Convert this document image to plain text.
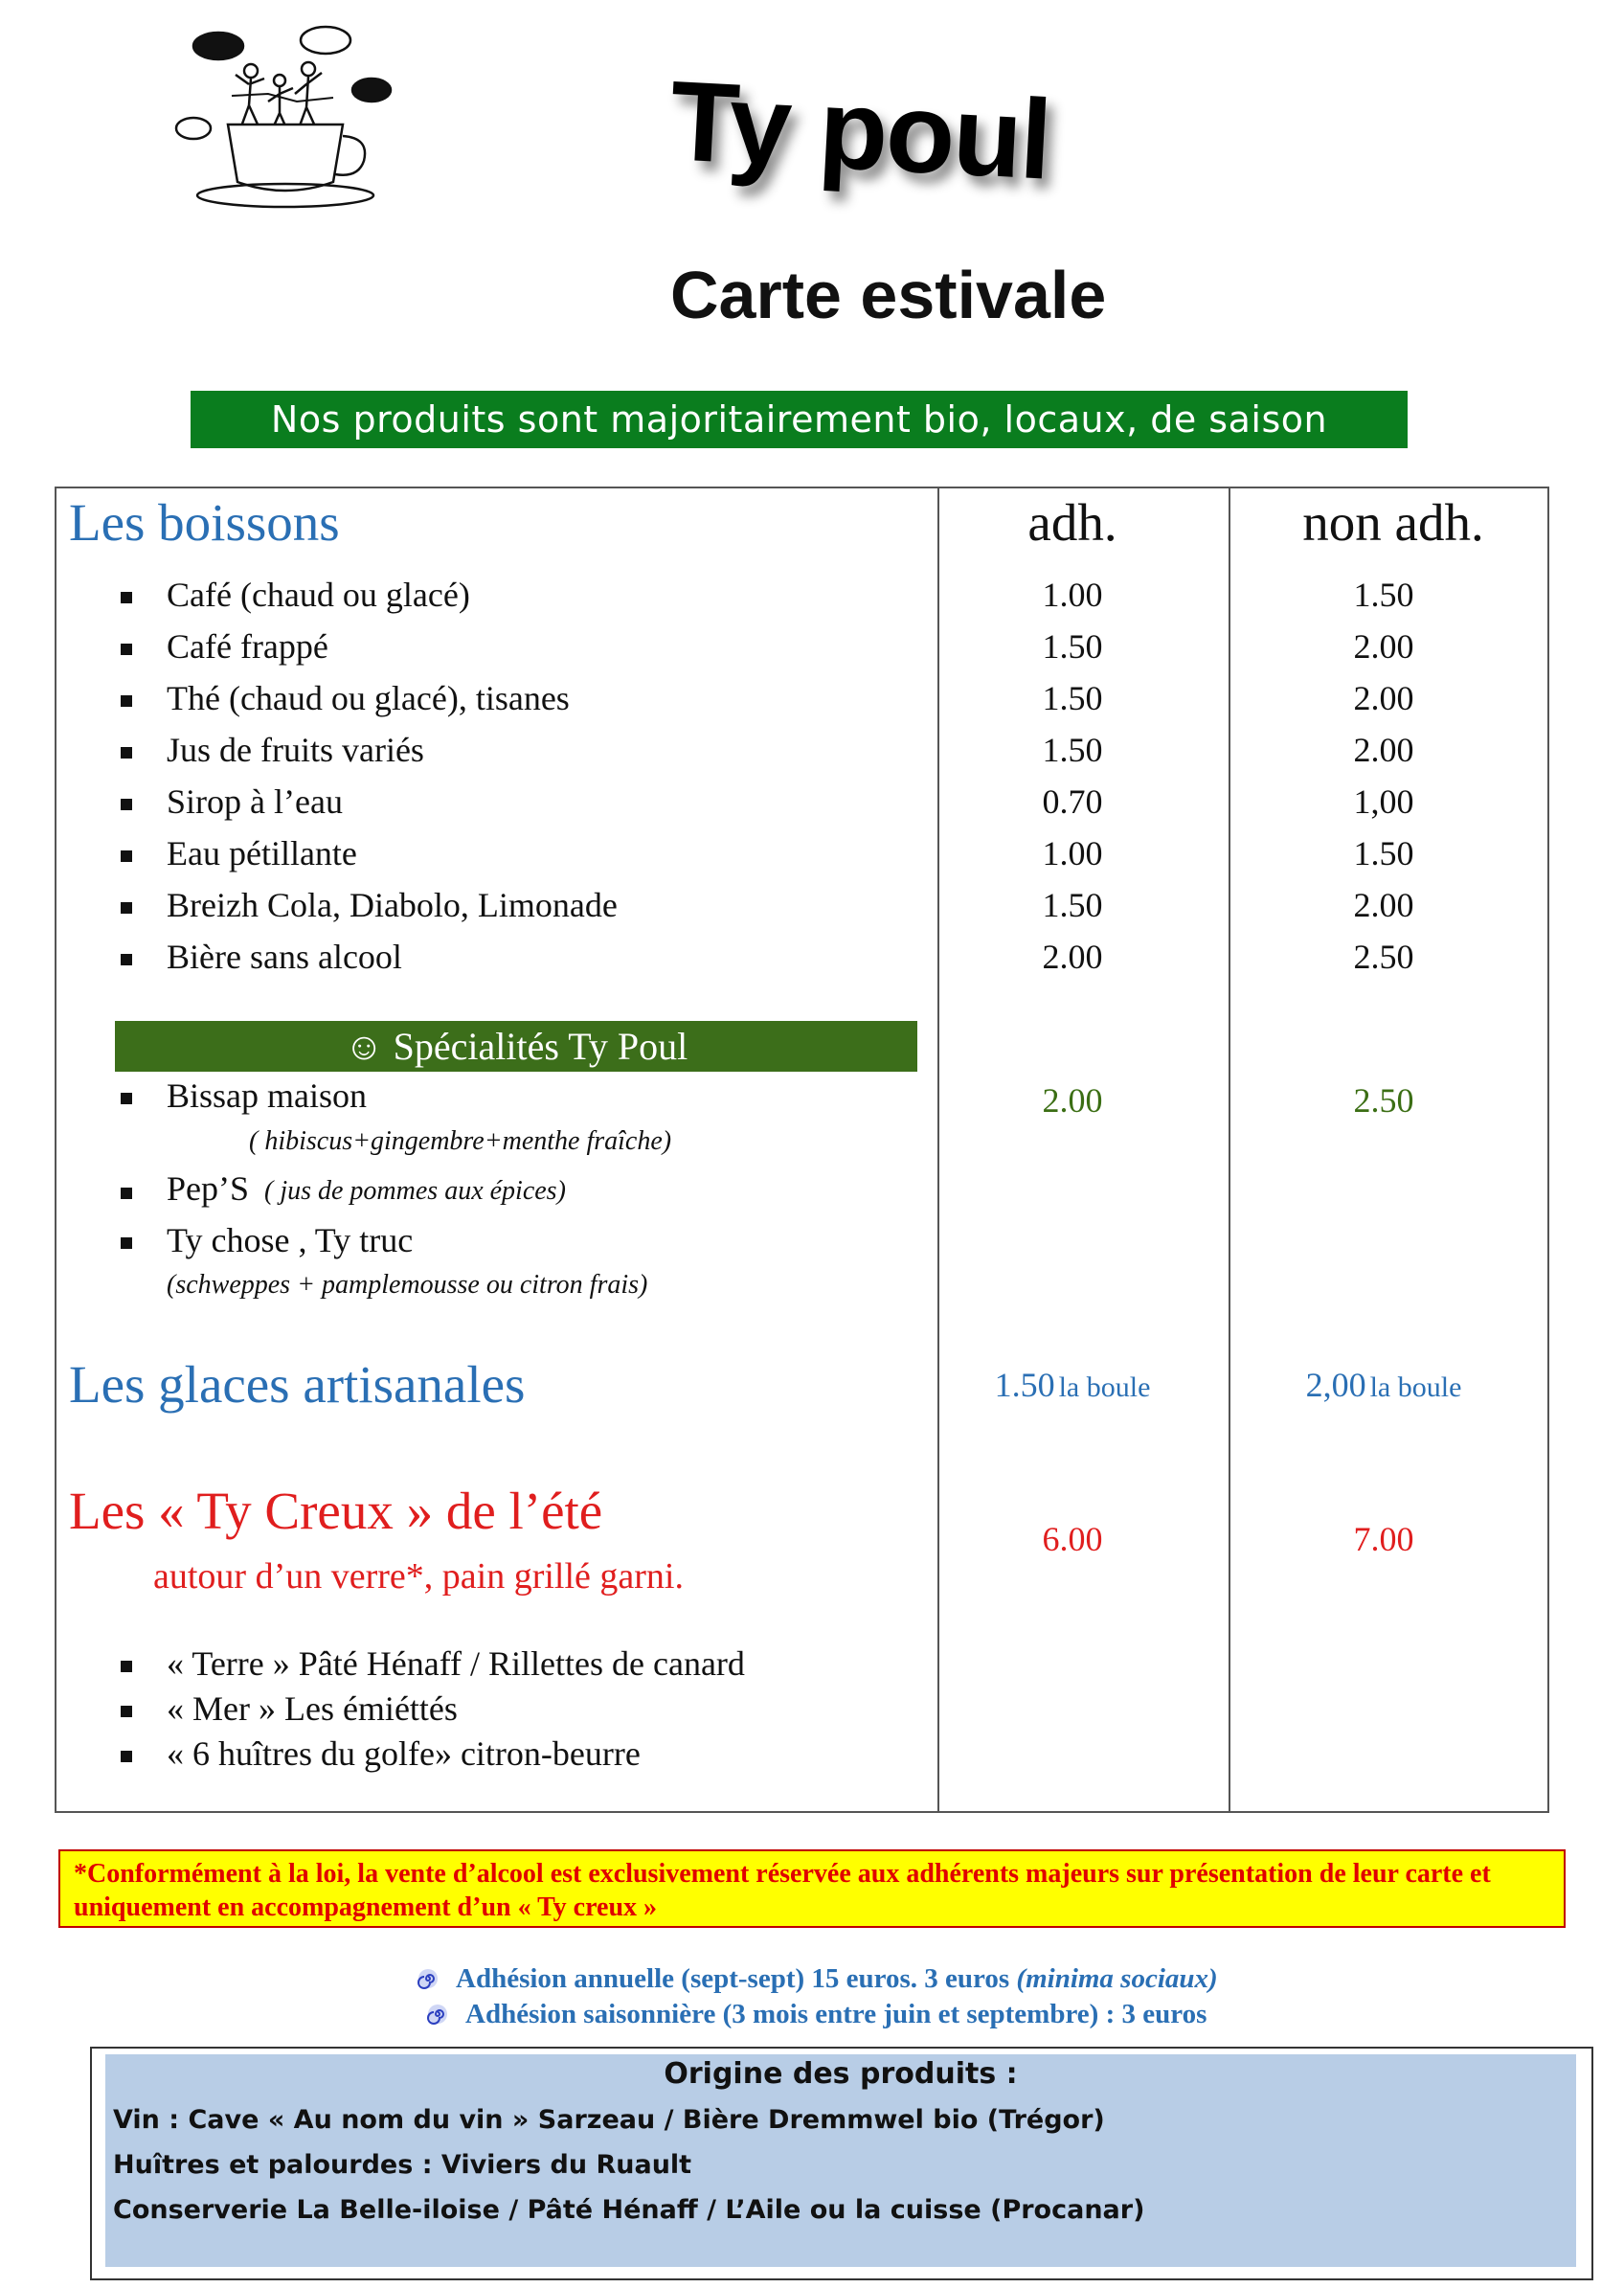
Ty poul
Carte estivale
Nos produits sont majoritairement bio, locaux, de saison
Les boissons	adh.	non adh.
Café (chaud ou glacé)	1.00	1.50
Café frappé	1.50	2.00
Thé (chaud ou glacé), tisanes	1.50	2.00
Jus de fruits variés	1.50	2.00
Sirop à l’eau	0.70	1,00
Eau pétillante	1.00	1.50
Breizh Cola, Diabolo, Limonade	1.50	2.00
Bière sans alcool	2.00	2.50
☺ Spécialités Ty Poul
Bissap maison
( hibiscus+gingembre+menthe fraîche)
2.00	2.50
Pep’S ( jus de pommes aux épices)
Ty chose , Ty truc
(schweppes + pamplemousse ou citron frais)
Les glaces artisanales	1.50 la boule	2,00 la boule
Les « Ty Creux » de l’été
autour d’un verre*, pain grillé garni.
6.00	7.00
« Terre » Pâté Hénaff / Rillettes de canard
« Mer » Les émiéttés
« 6 huîtres du golfe» citron-beurre
*Conformément à la loi, la vente d’alcool est exclusivement réservée aux adhérents majeurs sur présentation de leur carte et uniquement en accompagnement d’un « Ty creux »
Adhésion annuelle (sept-sept) 15 euros. 3 euros (minima sociaux)
Adhésion saisonnière (3 mois entre juin et septembre) : 3 euros
Origine des produits :
Vin : Cave « Au nom du vin » Sarzeau / Bière Dremmwel bio (Trégor)
Huîtres et palourdes : Viviers du Ruault
Conserverie La Belle-iloise / Pâté Hénaff / L’Aile ou la cuisse (Procanar)
